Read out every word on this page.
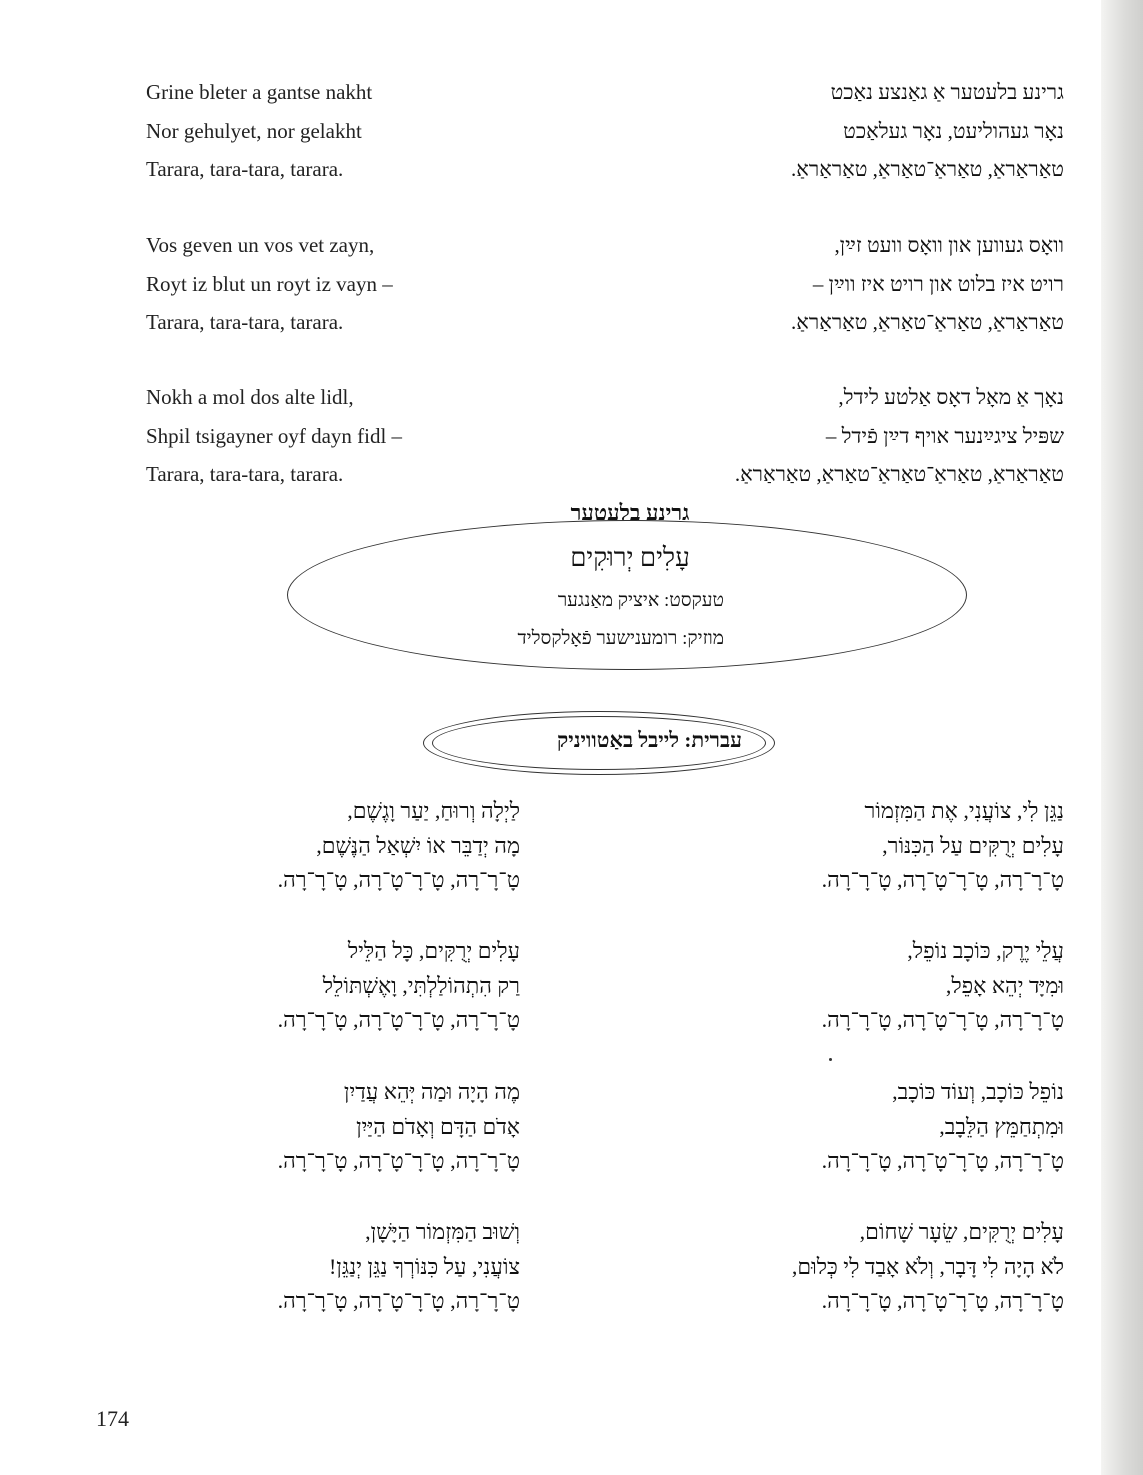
Grine bleter a gantse nakht
Nor gehulyet, nor gelakht
Tarara, tara-tara, tarara.
Vos geven un vos vet zayn,
Royt iz blut un royt iz vayn –
Tarara, tara-tara, tarara.
Nokh a mol dos alte lidl,
Shpil tsigayner oyf dayn fidl –
Tarara, tara-tara, tarara.
גרינע בלעטער אַ גאַנצע נאַכט
נאָר געהוליעט, נאָר געלאַכט
טאַראַראַ, טאַראַ־טאַראַ, טאַראַראַ.
וואָס געווען און וואָס וועט זײַן,
רויט איז בלוט און רויט איז ווײַן –
טאַראַראַ, טאַראַ־טאַראַ, טאַראַראַ.
נאָך אַ מאָל דאָס אַלטע לידל,
שפּיל ציגײַנער אויף דײַן פֿידל –
טאַראַראַ, טאַראַ־טאַראַ־טאַראַ, טאַראַראַ.
גרינע בלעטער
עָלִים יְרוּקִים
טעקסט: איציק מאַנגער
מוזיק: רומענישער פֿאָלקסליד
עברית: לייבל באַטוויניק
נַגֵּן לִי, צוֹעֲנִי, אֶת הַמִּזְמוֹר
עָלִים יְרֻקִּים עַל הַכִּנּוֹר,
טָ־רָ־רָה, טָ־רָ־טָ־רָה, טָ־רָ־רָה.
עֲלֵי יֶרֶק, כּוֹכָב נוֹפֵל,
וּמִיָּד יְהֵא אָפֵל,
טָ־רָ־רָה, טָ־רָ־טָ־רָה, טָ־רָ־רָה.
נוֹפֵל כּוֹכָב, וְעוֹד כּוֹכָב,
וּמִתְחַמֵּץ הַלֵּבָב,
טָ־רָ־רָה, טָ־רָ־טָ־רָה, טָ־רָ־רָה.
עָלִים יְרֻקִּים, שֵׂעָר שָׁחוֹם,
לֹא הָיָה לִי דָּבָר, וְלֹא אָבַד לִי כְּלוּם,
טָ־רָ־רָה, טָ־רָ־טָ־רָה, טָ־רָ־רָה.
לַיְלָה וְרוּחַ, יַעַר וָגֶשֶׁם,
מָה יְדַבֵּר אוֹ יִשְׁאַל הַנֶּשֶׁם,
טָ־רָ־רָה, טָ־רָ־טָ־רָה, טָ־רָ־רָה.
עָלִים יְרֻקִּים, כָּל הַלֵּיל
רַק הִתְהוֹלַלְתִּי, וָאֶשְׁתּוֹלֵל
טָ־רָ־רָה, טָ־רָ־טָ־רָה, טָ־רָ־רָה.
מֶה הָיָה וּמַה יְּהֵא עֲדַיִן
אָדֹם הַדָּם וְאָדֹם הַיַּיִן
טָ־רָ־רָה, טָ־רָ־טָ־רָה, טָ־רָ־רָה.
וְשׁוּב הַמִּזְמוֹר הַיָּשָׁן,
צוֹעֲנִי, עַל כִּנּוֹרְךָ נַגֵּן יְנַגֵּן!
טָ־רָ־רָה, טָ־רָ־טָ־רָה, טָ־רָ־רָה.
174
